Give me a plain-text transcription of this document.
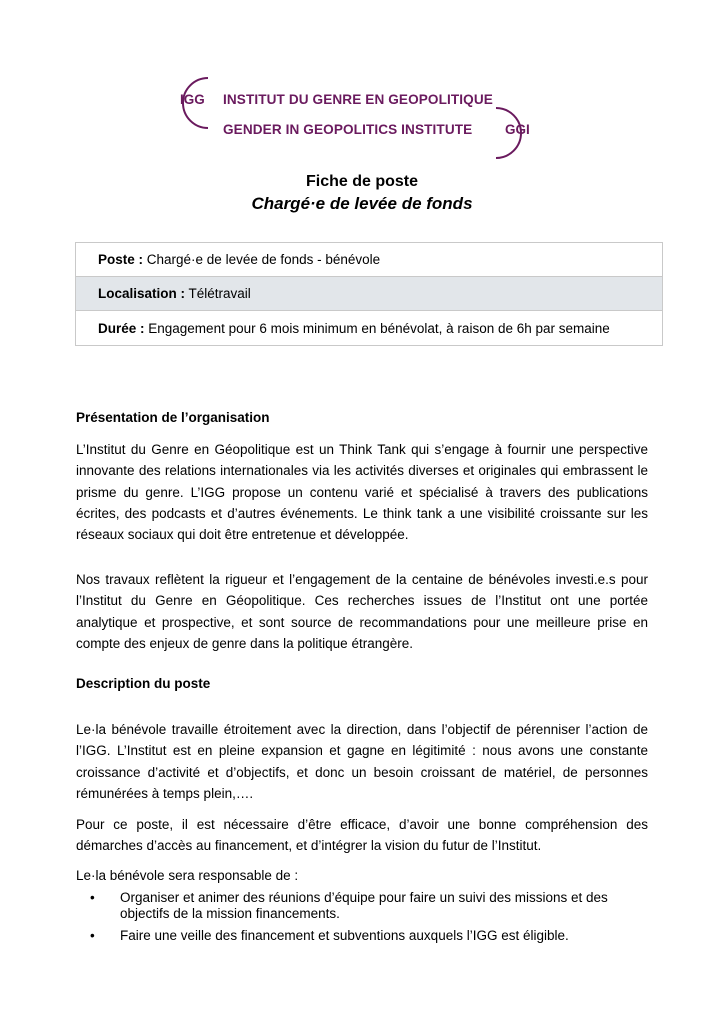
IGG INSTITUT DU GENRE EN GEOPOLITIQUE
GENDER IN GEOPOLITICS INSTITUTE GGI
Fiche de poste
Chargé·e de levée de fonds
Poste : Chargé·e de levée de fonds - bénévole
Localisation : Télétravail
Durée : Engagement pour 6 mois minimum en bénévolat, à raison de 6h par semaine
Présentation de l’organisation
L’Institut du Genre en Géopolitique est un Think Tank qui s’engage à fournir une perspective innovante des relations internationales via les activités diverses et originales qui embrassent le prisme du genre. L’IGG propose un contenu varié et spécialisé à travers des publications écrites, des podcasts et d’autres événements. Le think tank a une visibilité croissante sur les réseaux sociaux qui doit être entretenue et développée.
Nos travaux reflètent la rigueur et l’engagement de la centaine de bénévoles investi.e.s pour l’Institut du Genre en Géopolitique. Ces recherches issues de l’Institut ont une portée analytique et prospective, et sont source de recommandations pour une meilleure prise en compte des enjeux de genre dans la politique étrangère.
Description du poste
Le·la bénévole travaille étroitement avec la direction, dans l’objectif de pérenniser l’action de l’IGG. L’Institut est en pleine expansion et gagne en légitimité : nous avons une constante croissance d’activité et d’objectifs, et donc un besoin croissant de matériel, de personnes rémunérées à temps plein,….
Pour ce poste, il est nécessaire d’être efficace, d’avoir une bonne compréhension des démarches d’accès au financement, et d’intégrer la vision du futur de l’Institut.
Le·la bénévole sera responsable de :
• Organiser et animer des réunions d’équipe pour faire un suivi des missions et des objectifs de la mission financements.
• Faire une veille des financement et subventions auxquels l’IGG est éligible.
